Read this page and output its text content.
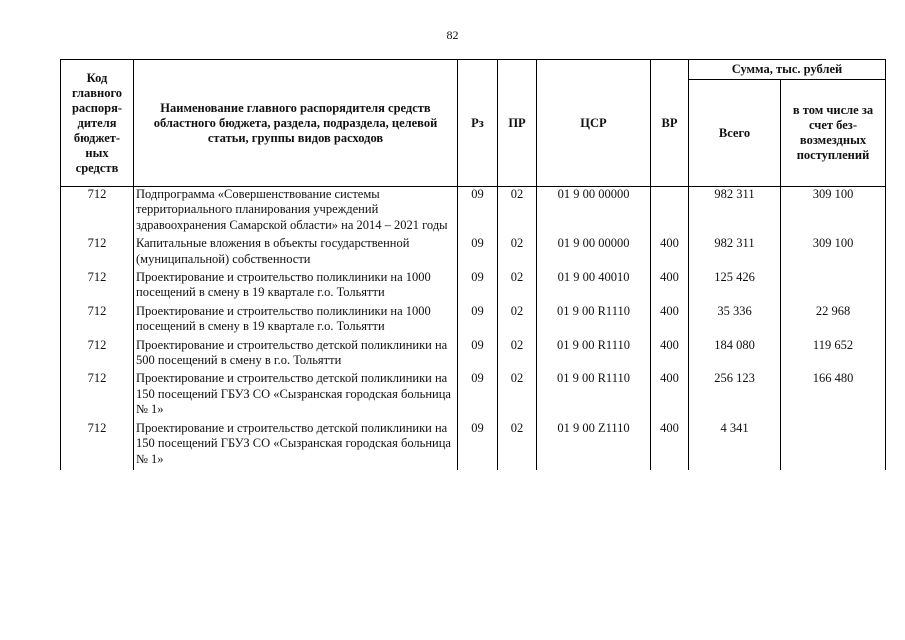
82
Код главного распоря-дителя бюджет-ных средств	Наименование главного распорядителя средств областного бюджета, раздела, подраздела, целевой статьи, группы видов расходов	Рз	ПР	ЦСР	ВР	Сумма, тыс. рублей	
						Всего	в том числе за счет без-возмездных поступлений
712	Подпрограмма «Совершенствование системы территориального планирования учреждений здравоохранения Самарской области» на 2014 – 2021 годы	09	02	01 9 00 00000		982 311	309 100
712	Капитальные вложения в объекты государственной (муниципальной) собственности	09	02	01 9 00 00000	400	982 311	309 100
712	Проектирование и строительство поликлиники на 1000 посещений в смену в 19 квартале г.о. Тольятти	09	02	01 9 00 40010	400	125 426	
712	Проектирование и строительство поликлиники на 1000 посещений в смену в 19 квартале г.о. Тольятти	09	02	01 9 00 R1110	400	35 336	22 968
712	Проектирование и строительство детской поликлиники на 500 посещений в смену в г.о. Тольятти	09	02	01 9 00 R1110	400	184 080	119 652
712	Проектирование и строительство детской поликлиники на 150 посещений ГБУЗ СО «Сызранская городская больница № 1»	09	02	01 9 00 R1110	400	256 123	166 480
712	Проектирование и строительство детской поликлиники на 150 посещений ГБУЗ СО «Сызранская городская больница № 1»	09	02	01 9 00 Z1110	400	4 341	
